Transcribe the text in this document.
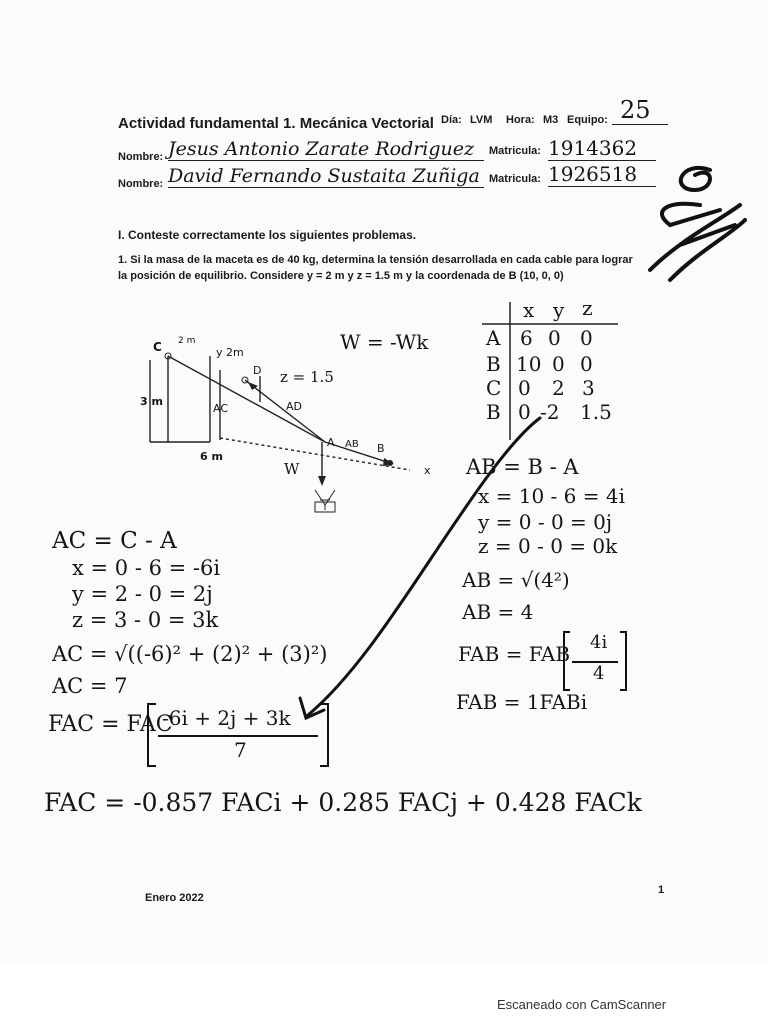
Actividad fundamental 1. Mecánica Vectorial Día: LVM Hora: M3 Equipo: 25
Nombre: Jesus Antonio Zarate Rodriguez	Matricula: 1914362
Nombre: David Fernando Sustaita Zuñiga Matricula: 1926518
I. Conteste correctamente los siguientes problemas.
1. Si la masa de la maceta es de 40 kg, determina la tensión desarrollada en cada cable para lograr
la posición de equilibrio. Considere y = 2 m y z = 1.5 m y la coordenada de B (10, 0, 0)
C 2 m
y 2m
D z = 1.5
3 m
AC	AD
6 m
A AB B
x
W
W = -Wk
x y z
A 6 0 0
B 10 0 0
C 0 2 3
B 0 -2 1.5
AB = B - A
x = 10 - 6 = 4i
y = 0 - 0 = 0j
z = 0 - 0 = 0k
AB = √(4²)
AB = 4
FAB = FAB 4i
4
FAB = 1FABi
AC = C - A
x = 0 - 6 = -6i
y = 2 - 0 = 2j
z = 3 - 0 = 3k
AC = √((-6)² + (2)² + (3)²)
AC = 7
FAC = FAC
-6i + 2j + 3k
7
FAC = -0.857 FACi + 0.285 FACj + 0.428 FACk
Enero 2022
1
Escaneado con CamScanner
